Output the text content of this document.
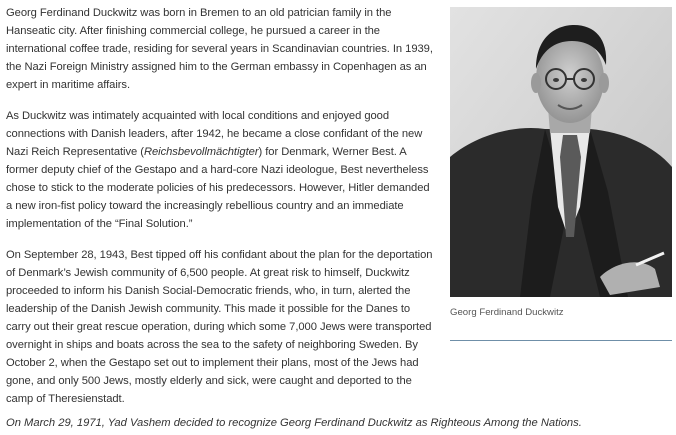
Georg Ferdinand Duckwitz was born in Bremen to an old patrician family in the Hanseatic city. After finishing commercial college, he pursued a career in the international coffee trade, residing for several years in Scandinavian countries. In 1939, the Nazi Foreign Ministry assigned him to the German embassy in Copenhagen as an expert in maritime affairs.

As Duckwitz was intimately acquainted with local conditions and enjoyed good connections with Danish leaders, after 1942, he became a close confidant of the new Nazi Reich Representative (Reichsbevollmächtigter) for Denmark, Werner Best. A former deputy chief of the Gestapo and a hard-core Nazi ideologue, Best nevertheless chose to stick to the moderate policies of his predecessors. However, Hitler demanded a new iron-fist policy toward the increasingly rebellious country and an immediate implementation of the “Final Solution.”

On September 28, 1943, Best tipped off his confidant about the plan for the deportation of Denmark’s Jewish community of 6,500 people. At great risk to himself, Duckwitz proceeded to inform his Danish Social-Democratic friends, who, in turn, alerted the leadership of the Danish Jewish community. This made it possible for the Danes to carry out their great rescue operation, during which some 7,000 Jews were transported overnight in ships and boats across the sea to the safety of neighboring Sweden. By October 2, when the Gestapo set out to implement their plans, most of the Jews had gone, and only 500 Jews, mostly elderly and sick, were caught and deported to the camp of Theresienstadt.

Georg Ferdinand Duckwitz

On March 29, 1971, Yad Vashem decided to recognize Georg Ferdinand Duckwitz as Righteous Among the Nations.
